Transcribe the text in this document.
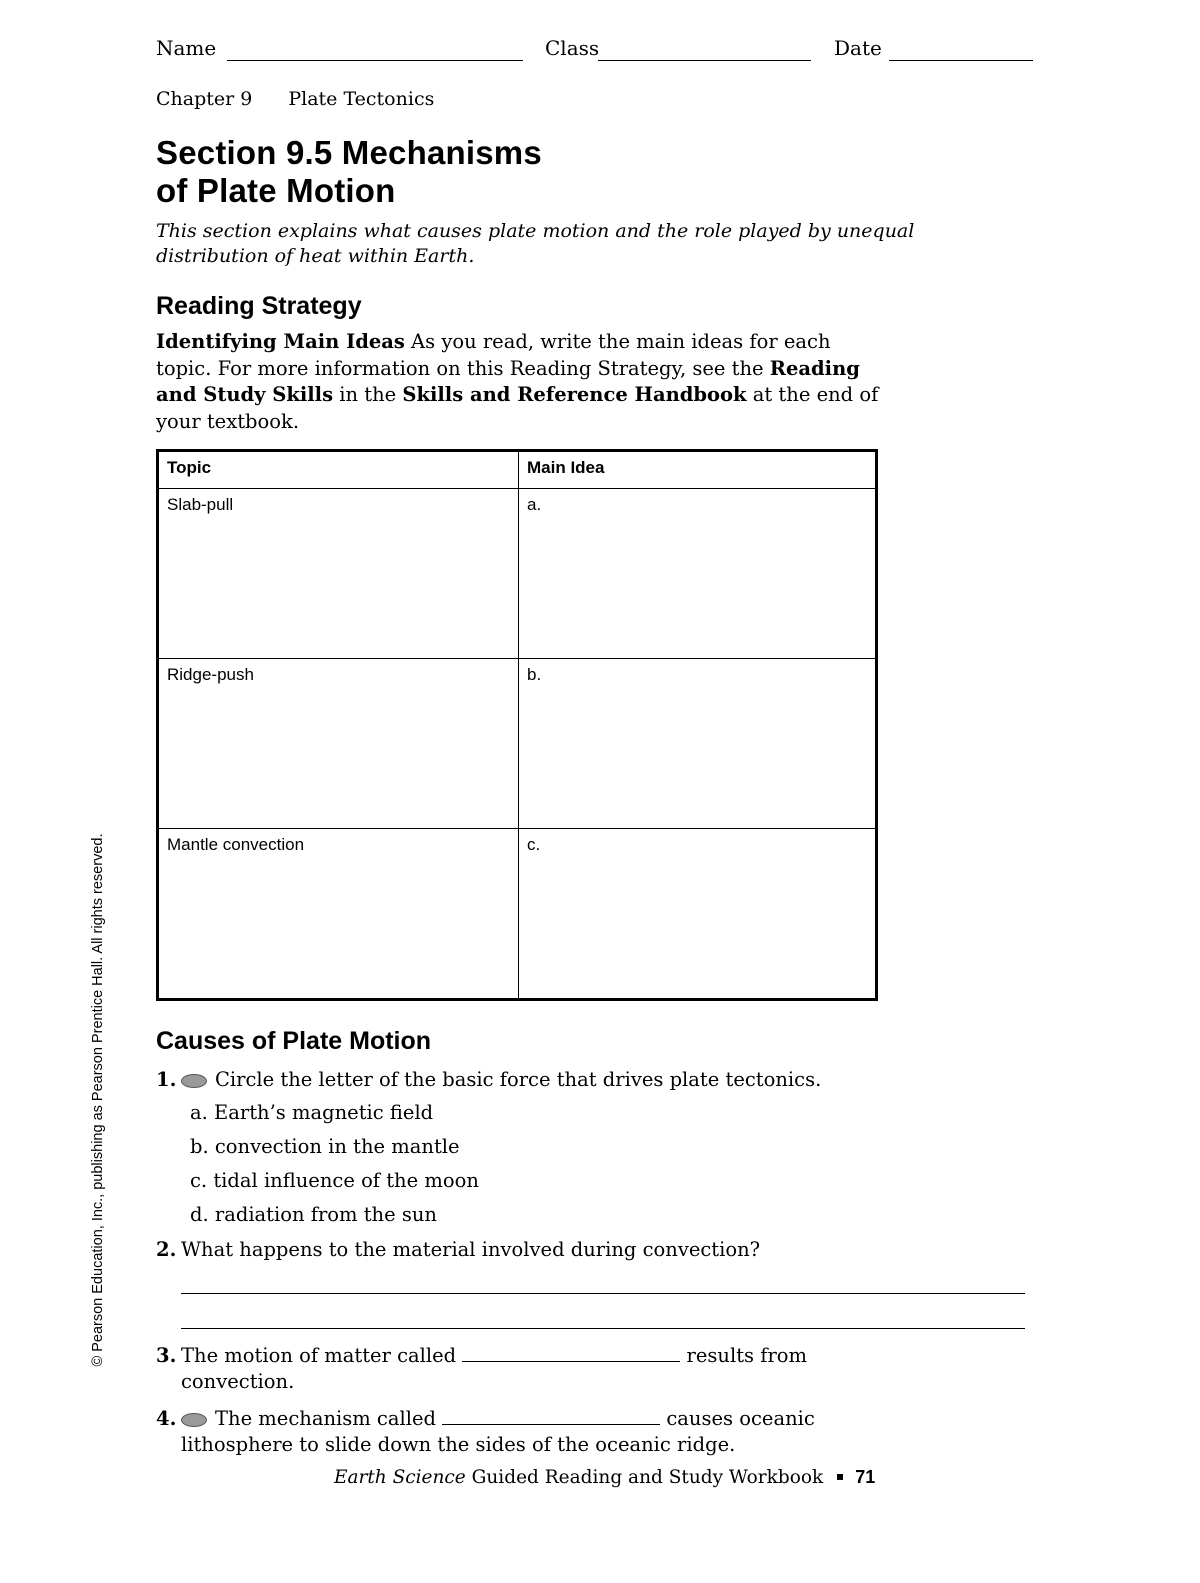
Name	Class	Date
Chapter 9 Plate Tectonics
Section 9.5 Mechanisms
of Plate Motion
This section explains what causes plate motion and the role played by unequal distribution of heat within Earth.
Reading Strategy
Identifying Main Ideas As you read, write the main ideas for each topic. For more information on this Reading Strategy, see the Reading and Study Skills in the Skills and Reference Handbook at the end of your textbook.
Topic	Main Idea
Slab-pull	a.
Ridge-push	b.
Mantle convection	c.
Causes of Plate Motion
1. Circle the letter of the basic force that drives plate tectonics.
a. Earth’s magnetic field
b. convection in the mantle
c. tidal influence of the moon
d. radiation from the sun
2. What happens to the material involved during convection?
3. The motion of matter called	results from
convection.
4. The mechanism called	causes oceanic
lithosphere to slide down the sides of the oceanic ridge.
Earth Science Guided Reading and Study Workbook 71
© Pearson Education, Inc., publishing as Pearson Prentice Hall. All rights reserved.
